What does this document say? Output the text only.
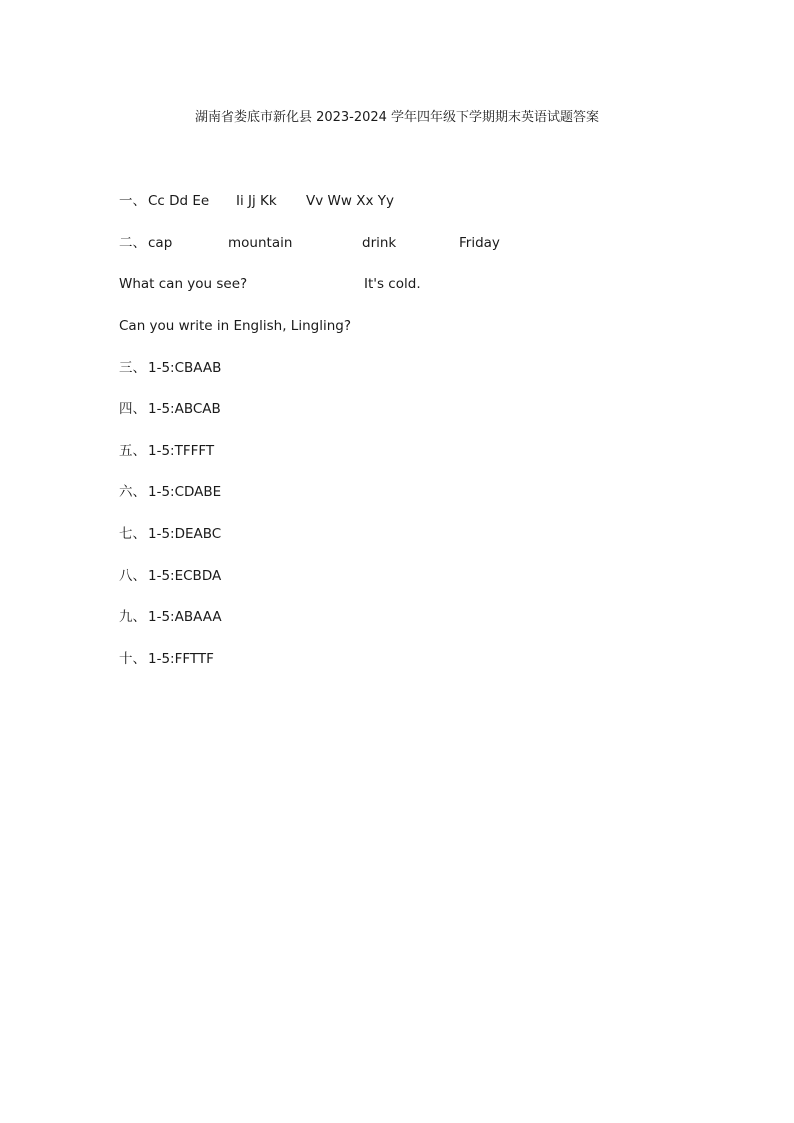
湖南省娄底市新化县 2023-2024 学年四年级下学期期末英语试题答案
一、 Cc Dd Ee Ii Jj Kk Vv Ww Xx Yy
二、 cap	mountain	drink	Friday
What can you see?	It's cold.
Can you write in English, Lingling?
三、 1-5:CBAAB
四、 1-5:ABCAB
五、 1-5:TFFFT
六、 1-5:CDABE
七、 1-5:DEABC
八、 1-5:ECBDA
九、 1-5:ABAAA
十、 1-5:FFTTF
